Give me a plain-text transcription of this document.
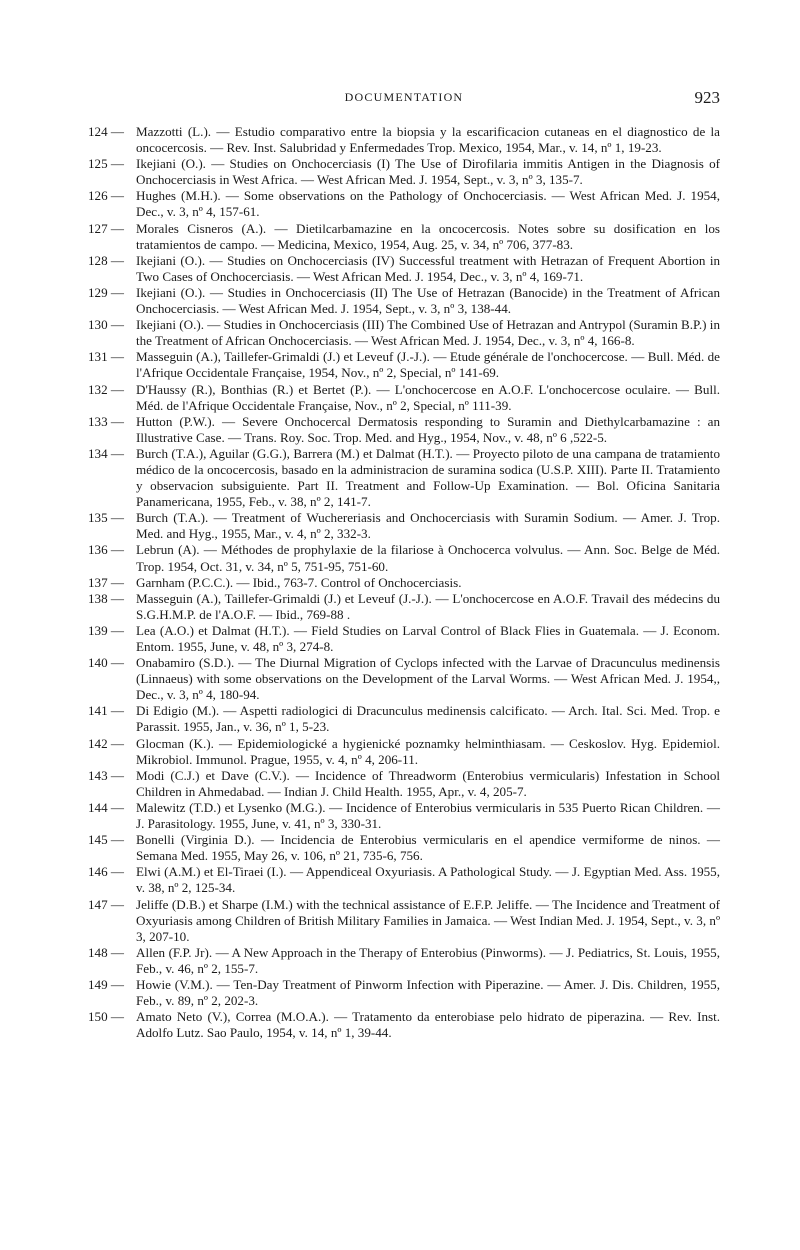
DOCUMENTATION	923
124 — Mazzotti (L.). — Estudio comparativo entre la biopsia y la escarificacion cutaneas en el diagnostico de la oncocercosis. — Rev. Inst. Salubridad y Enfermedades Trop. Mexico, 1954, Mar., v. 14, nº 1, 19-23.
125 — Ikejiani (O.). — Studies on Onchocerciasis (I) The Use of Dirofilaria immitis Antigen in the Diagnosis of Onchocerciasis in West Africa. — West African Med. J. 1954, Sept., v. 3, nº 3, 135-7.
126 — Hughes (M.H.). — Some observations on the Pathology of Onchocerciasis. — West African Med. J. 1954, Dec., v. 3, nº 4, 157-61.
127 — Morales Cisneros (A.). — Dietilcarbamazine en la oncocercosis. Notes sobre su dosification en los tratamientos de campo. — Medicina, Mexico, 1954, Aug. 25, v. 34, nº 706, 377-83.
128 — Ikejiani (O.). — Studies on Onchocerciasis (IV) Successful treatment with Hetrazan of Frequent Abortion in Two Cases of Onchocerciasis. — West African Med. J. 1954, Dec., v. 3, nº 4, 169-71.
129 — Ikejiani (O.). — Studies in Onchocerciasis (II) The Use of Hetrazan (Banocide) in the Treatment of African Onchocerciasis. — West African Med. J. 1954, Sept., v. 3, nº 3, 138-44.
130 — Ikejiani (O.). — Studies in Onchocerciasis (III) The Combined Use of Hetrazan and Antrypol (Suramin B.P.) in the Treatment of African Onchocerciasis. — West African Med. J. 1954, Dec., v. 3, nº 4, 166-8.
131 — Masseguin (A.), Taillefer-Grimaldi (J.) et Leveuf (J.-J.). — Etude générale de l'onchocercose. — Bull. Méd. de l'Afrique Occidentale Française, 1954, Nov., nº 2, Special, nº 141-69.
132 — D'Haussy (R.), Bonthias (R.) et Bertet (P.). — L'onchocercose en A.O.F. L'onchocercose oculaire. — Bull. Méd. de l'Afrique Occidentale Française, Nov., nº 2, Special, nº 111-39.
133 — Hutton (P.W.). — Severe Onchocercal Dermatosis responding to Suramin and Diethylcarbamazine : an Illustrative Case. — Trans. Roy. Soc. Trop. Med. and Hyg., 1954, Nov., v. 48, nº 6 ,522-5.
134 — Burch (T.A.), Aguilar (G.G.), Barrera (M.) et Dalmat (H.T.). — Proyecto piloto de una campana de tratamiento médico de la oncocercosis, basado en la administracion de suramina sodica (U.S.P. XIII). Parte II. Tratamiento y observacion subsiguiente. Part II. Treatment and Follow-Up Examination. — Bol. Oficina Sanitaria Panamericana, 1955, Feb., v. 38, nº 2, 141-7.
135 — Burch (T.A.). — Treatment of Wuchereriasis and Onchocerciasis with Suramin Sodium. — Amer. J. Trop. Med. and Hyg., 1955, Mar., v. 4, nº 2, 332-3.
136 — Lebrun (A). — Méthodes de prophylaxie de la filariose à Onchocerca volvulus. — Ann. Soc. Belge de Méd. Trop. 1954, Oct. 31, v. 34, nº 5, 751-95, 751-60.
137 — Garnham (P.C.C.). — Ibid., 763-7. Control of Onchocerciasis.
138 — Masseguin (A.), Taillefer-Grimaldi (J.) et Leveuf (J.-J.). — L'onchocercose en A.O.F. Travail des médecins du S.G.H.M.P. de l'A.O.F. — Ibid., 769-88 .
139 — Lea (A.O.) et Dalmat (H.T.). — Field Studies on Larval Control of Black Flies in Guatemala. — J. Econom. Entom. 1955, June, v. 48, nº 3, 274-8.
140 — Onabamiro (S.D.). — The Diurnal Migration of Cyclops infected with the Larvae of Dracunculus medinensis (Linnaeus) with some observations on the Development of the Larval Worms. — West African Med. J. 1954,, Dec., v. 3, nº 4, 180-94.
141 — Di Edigio (M.). — Aspetti radiologici di Dracunculus medinensis calcificato. — Arch. Ital. Sci. Med. Trop. e Parassit. 1955, Jan., v. 36, nº 1, 5-23.
142 — Glocman (K.). — Epidemiologické a hygienické poznamky helminthiasam. — Ceskoslov. Hyg. Epidemiol. Mikrobiol. Immunol. Prague, 1955, v. 4, nº 4, 206-11.
143 — Modi (C.J.) et Dave (C.V.). — Incidence of Threadworm (Enterobius vermicularis) Infestation in School Children in Ahmedabad. — Indian J. Child Health. 1955, Apr., v. 4, 205-7.
144 — Malewitz (T.D.) et Lysenko (M.G.). — Incidence of Enterobius vermicularis in 535 Puerto Rican Children. — J. Parasitology. 1955, June, v. 41, nº 3, 330-31.
145 — Bonelli (Virginia D.). — Incidencia de Enterobius vermicularis en el apendice vermiforme de ninos. — Semana Med. 1955, May 26, v. 106, nº 21, 735-6, 756.
146 — Elwi (A.M.) et El-Tiraei (I.). — Appendiceal Oxyuriasis. A Pathological Study. — J. Egyptian Med. Ass. 1955, v. 38, nº 2, 125-34.
147 — Jeliffe (D.B.) et Sharpe (I.M.) with the technical assistance of E.F.P. Jeliffe. — The Incidence and Treatment of Oxyuriasis among Children of British Military Families in Jamaica. — West Indian Med. J. 1954, Sept., v. 3, nº 3, 207-10.
148 — Allen (F.P. Jr). — A New Approach in the Therapy of Enterobius (Pinworms). — J. Pediatrics, St. Louis, 1955, Feb., v. 46, nº 2, 155-7.
149 — Howie (V.M.). — Ten-Day Treatment of Pinworm Infection with Piperazine. — Amer. J. Dis. Children, 1955, Feb., v. 89, nº 2, 202-3.
150 — Amato Neto (V.), Correa (M.O.A.). — Tratamento da enterobiase pelo hidrato de piperazina. — Rev. Inst. Adolfo Lutz. Sao Paulo, 1954, v. 14, nº 1, 39-44.
